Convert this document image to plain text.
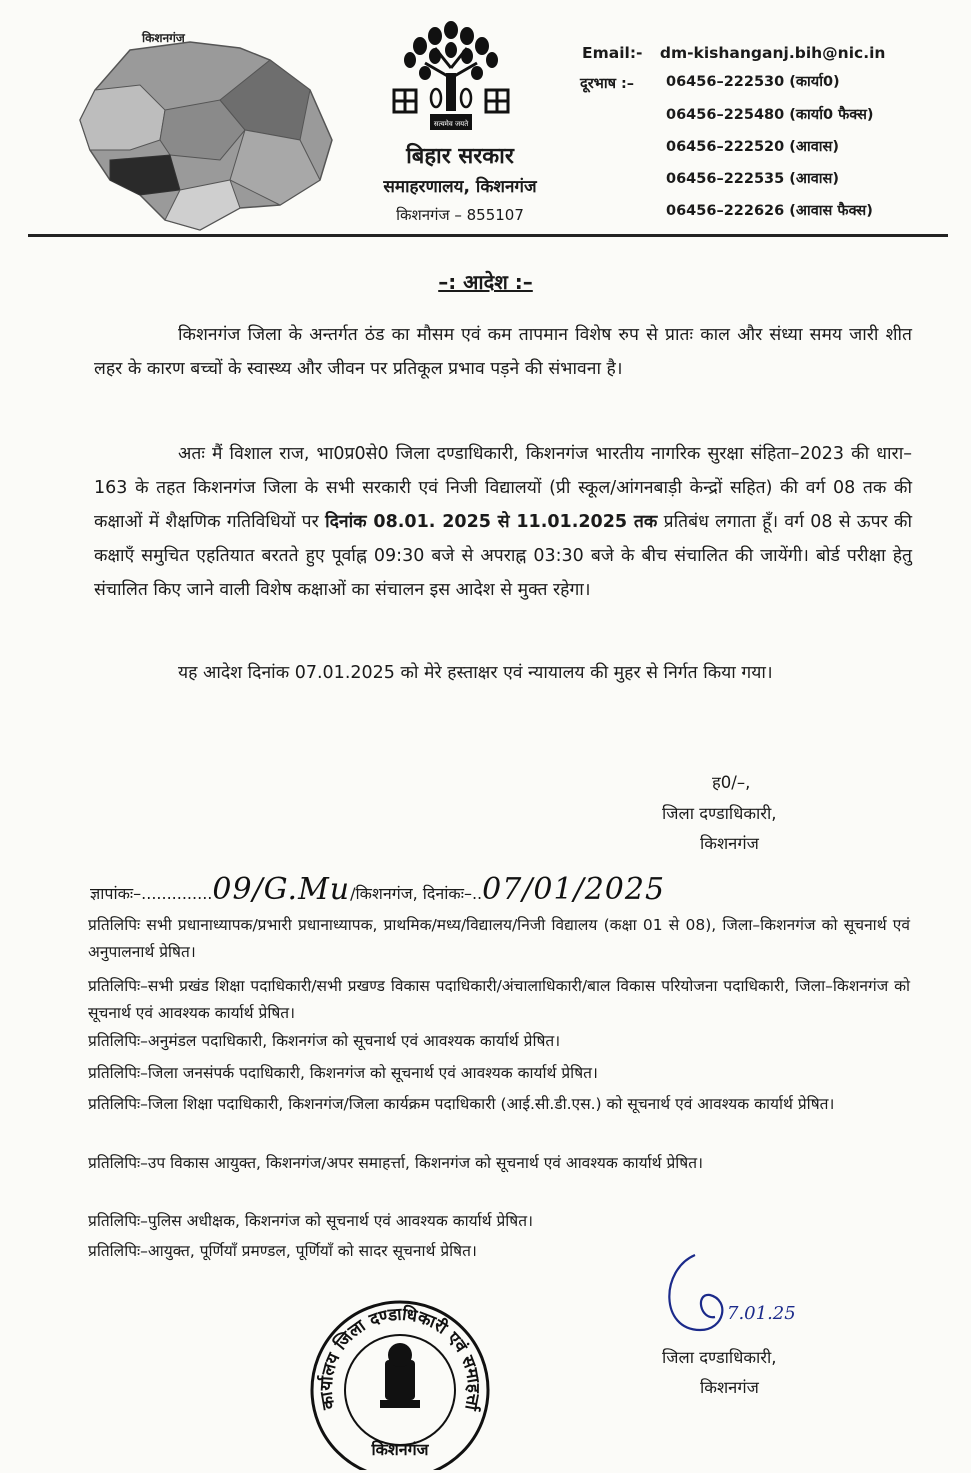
किशनगंज
सत्यमेव जयते
बिहार सरकार
समाहरणालय, किशनगंज
किशनगंज – 855107
Email:- dm-kishanganj.bih@nic.in
दूरभाष :– 06456–222530 (कार्या0)
06456–225480 (कार्या0 फैक्स)
06456–222520 (आवास)
06456–222535 (आवास)
06456–222626 (आवास फैक्स)
–: आदेश :–
किशनगंज जिला के अन्तर्गत ठंड का मौसम एवं कम तापमान विशेष रुप से प्रातः काल और संध्या समय जारी शीत लहर के कारण बच्चों के स्वास्थ्य और जीवन पर प्रतिकूल प्रभाव पड़ने की संभावना है।
अतः मैं विशाल राज, भा0प्र0से0 जिला दण्डाधिकारी, किशनगंज भारतीय नागरिक सुरक्षा संहिता–2023 की धारा–163 के तहत किशनगंज जिला के सभी सरकारी एवं निजी विद्यालयों (प्री स्कूल/आंगनबाड़ी केन्द्रों सहित) की वर्ग 08 तक की कक्षाओं में शैक्षणिक गतिविधियों पर दिनांक 08.01. 2025 से 11.01.2025 तक प्रतिबंध लगाता हूँ। वर्ग 08 से ऊपर की कक्षाएँ समुचित एहतियात बरतते हुए पूर्वाह्न 09:30 बजे से अपराह्न 03:30 बजे के बीच संचालित की जायेंगी। बोर्ड परीक्षा हेतु संचालित किए जाने वाली विशेष कक्षाओं का संचालन इस आदेश से मुक्त रहेगा।
यह आदेश दिनांक 07.01.2025 को मेरे हस्ताक्षर एवं न्यायालय की मुहर से निर्गत किया गया।
ह0/–,
जिला दण्डाधिकारी,
किशनगंज
ज्ञापांकः–..............09/G.Mu/किशनगंज, दिनांकः–..07/01/2025
प्रतिलिपिः सभी प्रधानाध्यापक/प्रभारी प्रधानाध्यापक, प्राथमिक/मध्य/विद्यालय/निजी विद्यालय (कक्षा 01 से 08), जिला–किशनगंज को सूचनार्थ एवं अनुपालनार्थ प्रेषित।
प्रतिलिपिः–सभी प्रखंड शिक्षा पदाधिकारी/सभी प्रखण्ड विकास पदाधिकारी/अंचालाधिकारी/बाल विकास परियोजना पदाधिकारी, जिला–किशनगंज को सूचनार्थ एवं आवश्यक कार्यार्थ प्रेषित।
प्रतिलिपिः–अनुमंडल पदाधिकारी, किशनगंज को सूचनार्थ एवं आवश्यक कार्यार्थ प्रेषित।
प्रतिलिपिः–जिला जनसंपर्क पदाधिकारी, किशनगंज को सूचनार्थ एवं आवश्यक कार्यार्थ प्रेषित।
प्रतिलिपिः–जिला शिक्षा पदाधिकारी, किशनगंज/जिला कार्यक्रम पदाधिकारी (आई.सी.डी.एस.) को सूचनार्थ एवं आवश्यक कार्यार्थ प्रेषित।
प्रतिलिपिः–उप विकास आयुक्त, किशनगंज/अपर समाहर्त्ता, किशनगंज को सूचनार्थ एवं आवश्यक कार्यार्थ प्रेषित।
प्रतिलिपिः–पुलिस अधीक्षक, किशनगंज को सूचनार्थ एवं आवश्यक कार्यार्थ प्रेषित।
प्रतिलिपिः–आयुक्त, पूर्णियाँ प्रमण्डल, पूर्णियाँ को सादर सूचनार्थ प्रेषित।
कार्यालय जिला दण्डाधिकारी एवं समाहर्त्ता
किशनगंज
7.01.25
जिला दण्डाधिकारी,
किशनगंज
